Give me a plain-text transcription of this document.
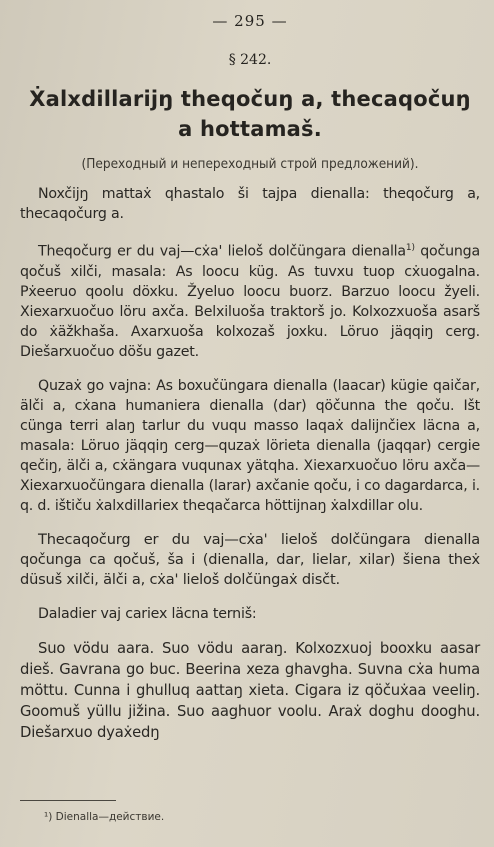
— 295 —

§ 242.

Ẋalxdillarijŋ theqočuŋ a, thecaqočuŋ a hottamaš.

(Переходный и непереходный строй предложений).

Noxčijŋ mattaẋ qhastalo ši tajpa dienalla: theqočurg a, thecaqočurg a.

Theqočurg er du vaj—cẋa' lieloš dolčüngara dienalla$^{1)}$ qočunga qočuš xilči, masala: As loocu küg. As tuvxu tuop cẋuogalna. Pẋeeruo qoolu döxku. Žyeluo loocu buorz. Barzuo loocu žyeli. Xiexarxuočuo löru axča. Belxiluoša traktorš jo. Kolxozxuoša asarš do ẋäžkhaša. Axarxuoša kolxozaš joxku. Löruo jäqqiŋ cerg. Diešarxuočuo döšu gazet.

Quzaẋ go vajna: As boxučüngara dienalla (laacar) kügie qaičar, älči a, cẋana humaniera dienalla (dar) qöčunna the qoču. Išt cünga terri alaŋ tarlur du vuqu masso laqaẋ dalijnčiex läcna a, masala: Löruo jäqqiŋ cerg—quzaẋ lörieta dienalla (jaqqar) cergie qečiŋ, älči a, cẋängara vuqunax yätqha. Xiexarxuočuo löru axča—Xiexarxuočüngara dienalla (larar) axčanie qoču, i co dagardarca, i. q. d. ištiču ẋalxdillariex theqačarca höttijnaŋ ẋalxdillar olu.

Thecaqočurg er du vaj—cẋa' lieloš dolčüngara dienalla qočunga ca qočuš, ša i (dienalla, dar, lielar, xilar) šiena theẋ düsuš xilči, älči a, cẋa' lieloš dolčüngaẋ disčt.

Daladier vaj cariex läcna terniš:

Suo vödu aara. Suo vödu aaraŋ. Kolxozxuoj booxku aasar dieš. Gavrana go buc. Beerina xeza ghavgha. Suvna cẋa huma möttu. Cunna i ghulluq aattaŋ xieta. Cigara iz qöčuẋaa veeliŋ. Goomuš yüllu jižina. Suo aaghuor voolu. Araẋ doghu dooghu. Diešarxuo dyaẋedŋ

¹) Dienalla—действие.
